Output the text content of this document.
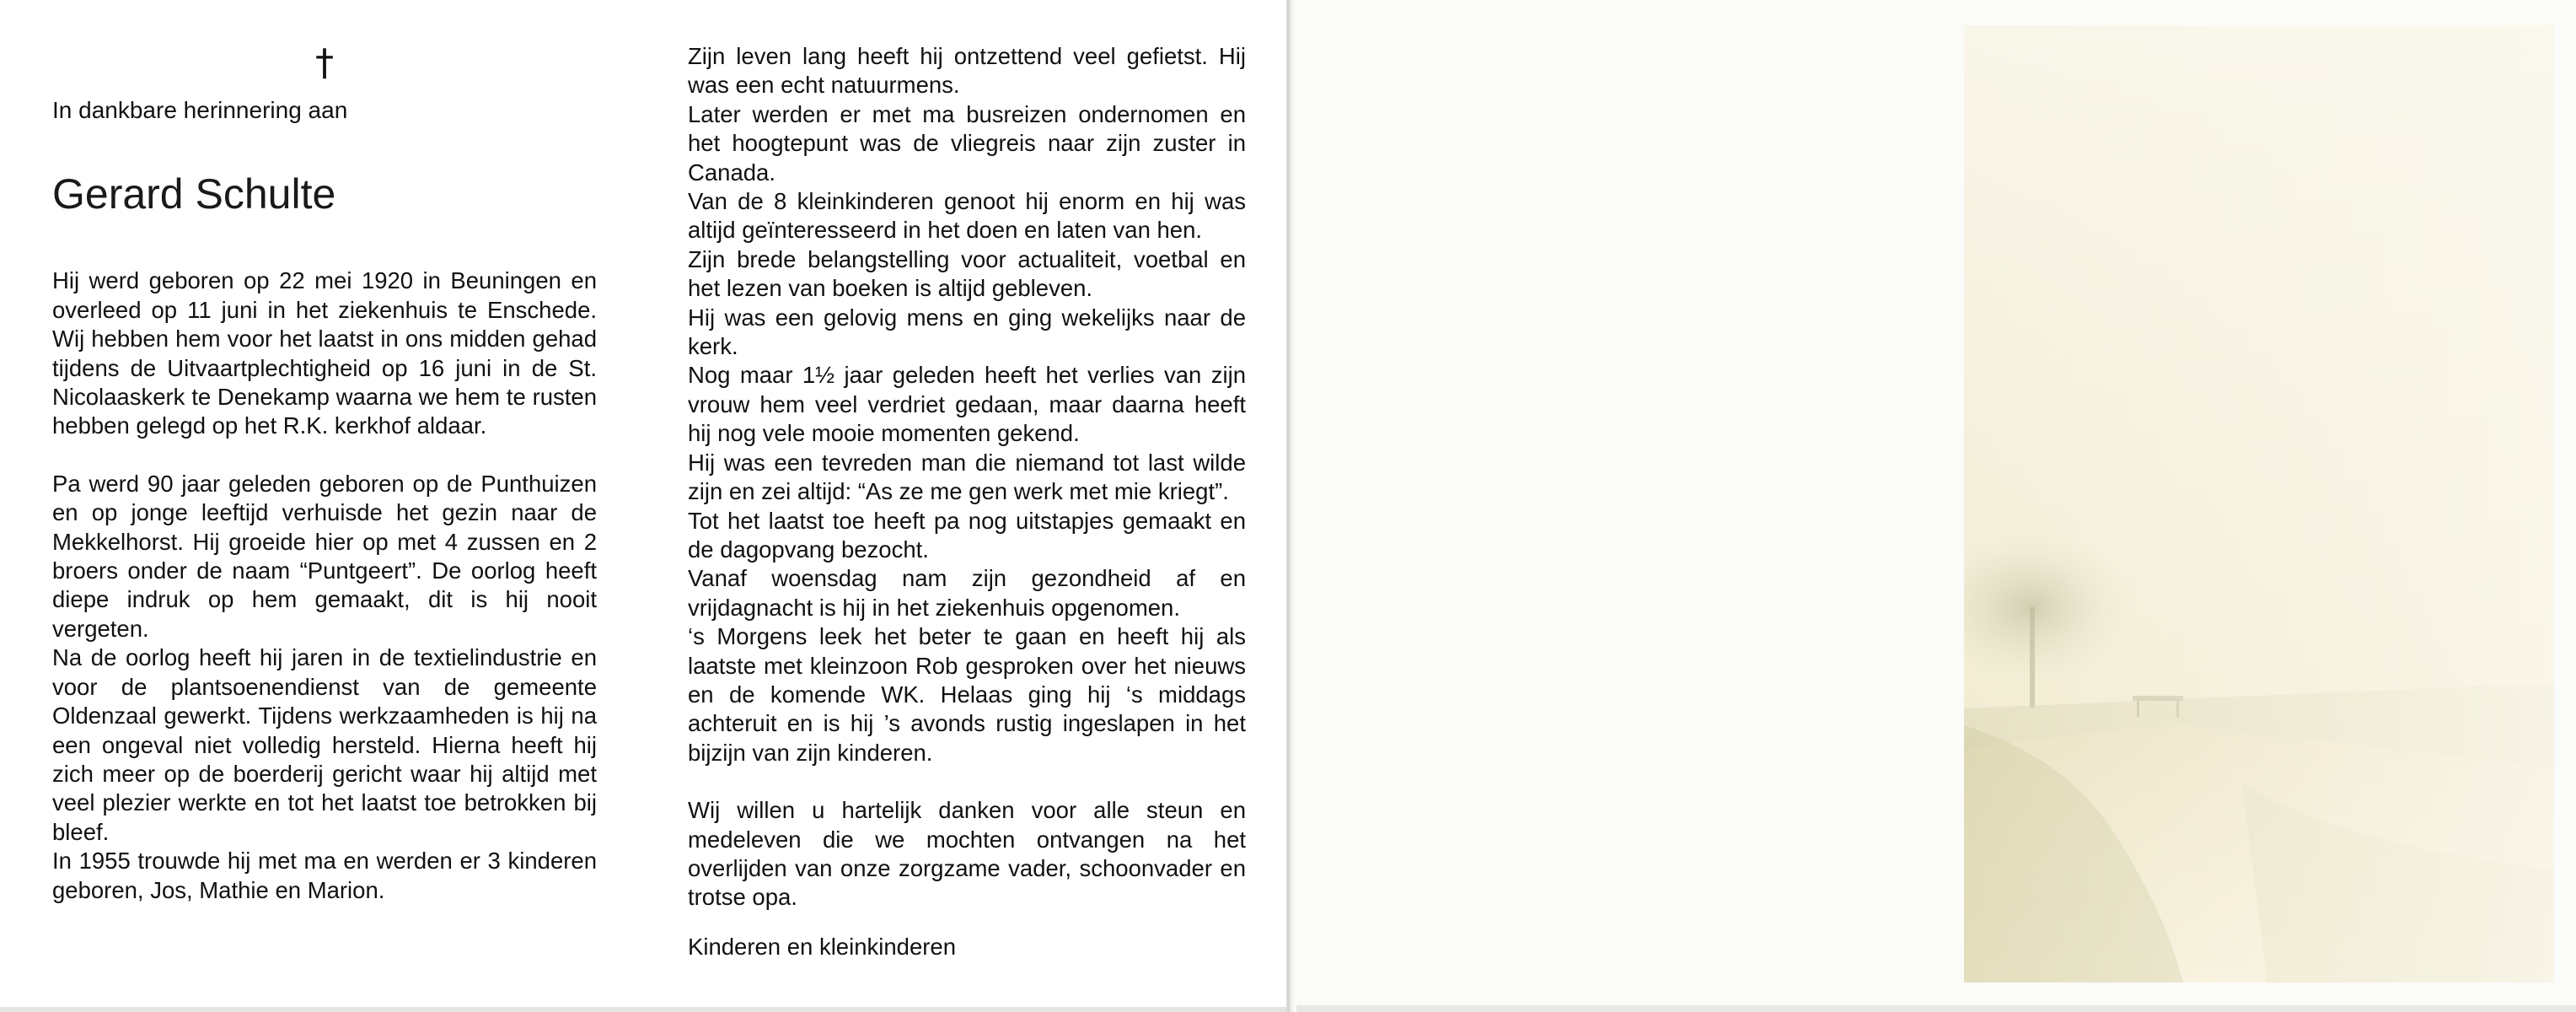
†

In dankbare herinnering aan

Gerard Schulte

Hij werd geboren op 22 mei 1920 in Beuningen en overleed op 11 juni in het ziekenhuis te Enschede. Wij hebben hem voor het laatst in ons midden gehad tijdens de Uitvaartplechtigheid op 16 juni in de St. Nicolaaskerk te Denekamp waarna we hem te rusten hebben gelegd op het R.K. kerkhof aldaar.

Pa werd 90 jaar geleden geboren op de Punthuizen en op jonge leeftijd verhuisde het gezin naar de Mekkelhorst. Hij groeide hier op met 4 zussen en 2 broers onder de naam “Puntgeert”. De oorlog heeft diepe indruk op hem gemaakt, dit is hij nooit vergeten.

Na de oorlog heeft hij jaren in de textielindustrie en voor de plantsoenendienst van de gemeente Oldenzaal gewerkt. Tijdens werkzaamheden is hij na een ongeval niet volledig hersteld. Hierna heeft hij zich meer op de boerderij gericht waar hij altijd met veel plezier werkte en tot het laatst toe betrokken bij bleef.

In 1955 trouwde hij met ma en werden er 3 kinderen geboren, Jos, Mathie en Marion.

Zijn leven lang heeft hij ontzettend veel gefietst. Hij was een echt natuurmens.

Later werden er met ma busreizen ondernomen en het hoogtepunt was de vliegreis naar zijn zuster in Canada.

Van de 8 kleinkinderen genoot hij enorm en hij was altijd geïnteresseerd in het doen en laten van hen.

Zijn brede belangstelling voor actualiteit, voetbal en het lezen van boeken is altijd gebleven.

Hij was een gelovig mens en ging wekelijks naar de kerk.

Nog maar 1½ jaar geleden heeft het verlies van zijn vrouw hem veel verdriet gedaan, maar daarna heeft hij nog vele mooie momenten gekend.

Hij was een tevreden man die niemand tot last wilde zijn en zei altijd: “As ze me gen werk met mie kriegt”.

Tot het laatst toe heeft pa nog uitstapjes gemaakt en de dagopvang bezocht.

Vanaf woensdag nam zijn gezondheid af en vrijdagnacht is hij in het ziekenhuis opgenomen.

‘s Morgens leek het beter te gaan en heeft hij als laatste met kleinzoon Rob gesproken over het nieuws en de komende WK. Helaas ging hij ‘s middags achteruit en is hij ’s avonds rustig ingeslapen in het bijzijn van zijn kinderen.

Wij willen u hartelijk danken voor alle steun en medeleven die we mochten ontvangen na het overlijden van onze zorgzame vader, schoonvader en trotse opa.

Kinderen en kleinkinderen
